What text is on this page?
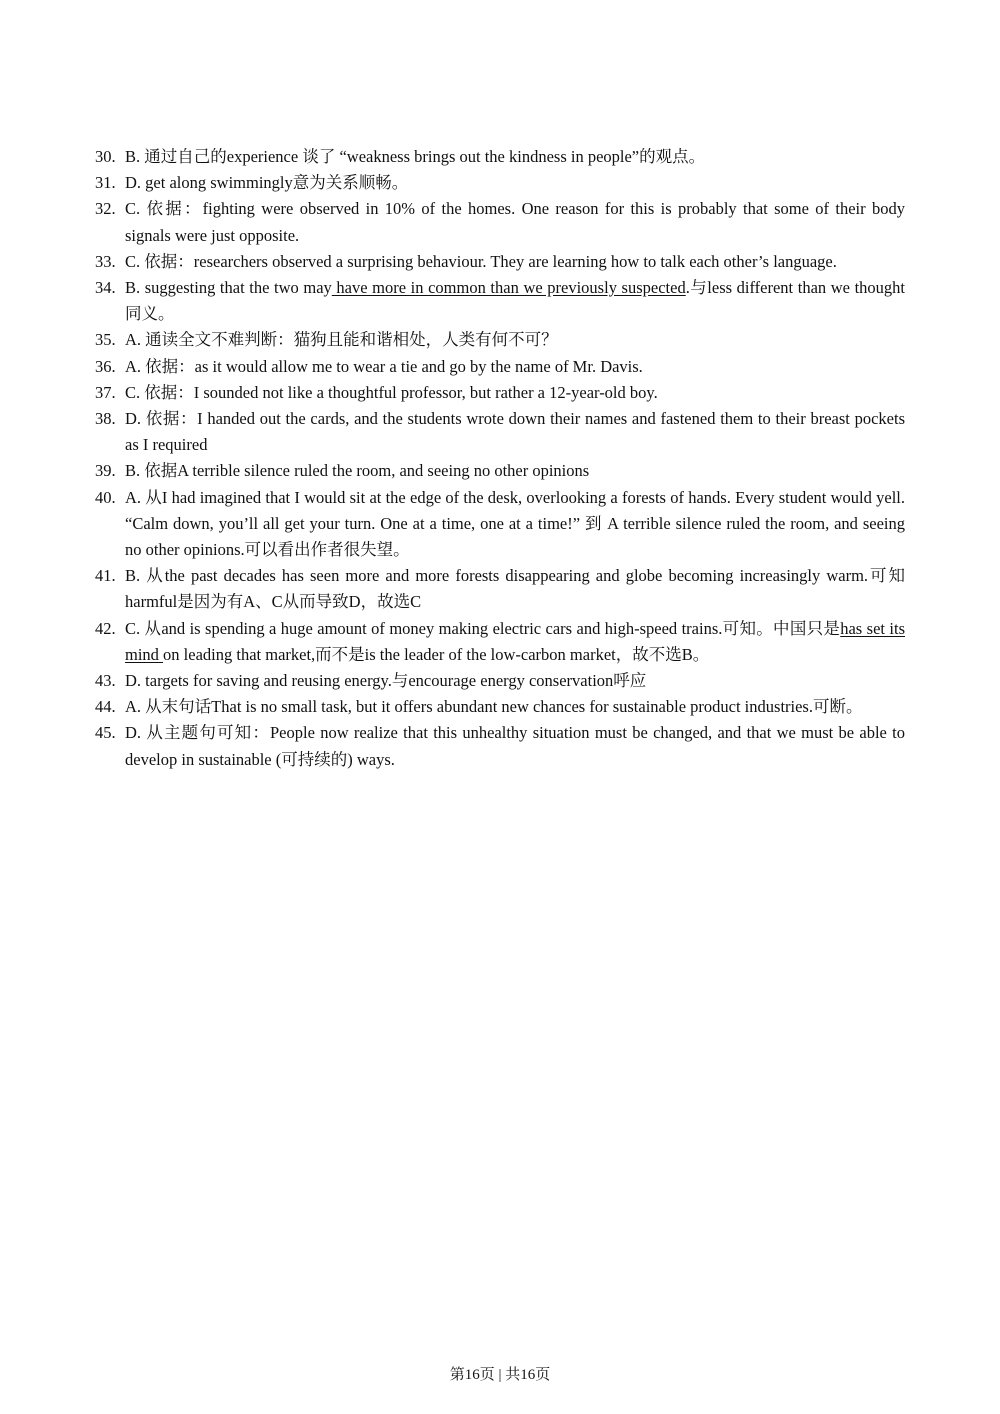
30. B. 通过自己的experience 谈了 “weakness brings out the kindness in people”的观点。
31. D. get along swimmingly意为关系顺畅。
32. C. 依据：fighting were observed in 10% of the homes. One reason for this is probably that some of their body signals were just opposite.
33. C. 依据：researchers observed a surprising behaviour. They are learning how to talk each other’s language.
34. B. suggesting that the two may have more in common than we previously suspected.与less different than we thought 同义。
35. A. 通读全文不难判断：猫狗且能和谐相处，人类有何不可？
36. A. 依据：as it would allow me to wear a tie and go by the name of Mr. Davis.
37. C. 依据：I sounded not like a thoughtful professor, but rather a 12-year-old boy.
38. D. 依据：I handed out the cards, and the students wrote down their names and fastened them to their breast pockets as I required
39. B. 依据A terrible silence ruled the room, and seeing no other opinions
40. A. 从I had imagined that I would sit at the edge of the desk, overlooking a forests of hands. Every student would yell. “Calm down, you’ll all get your turn. One at a time, one at a time!” 到 A terrible silence ruled the room, and seeing no other opinions.可以看出作者很失望。
41. B. 从the past decades has seen more and more forests disappearing and globe becoming increasingly warm.可知harmful是因为有A、C从而导致D，故选C
42. C. 从and is spending a huge amount of money making electric cars and high-speed trains.可知。中国只是has set its mind on leading that market,而不是is the leader of the low-carbon market，故不选B。
43. D. targets for saving and reusing energy.与encourage energy conservation呼应
44. A. 从末句话That is no small task, but it offers abundant new chances for sustainable product industries.可断。
45. D. 从主题句可知：People now realize that this unhealthy situation must be changed, and that we must be able to develop in sustainable (可持续的) ways.
第16页 | 共16页
